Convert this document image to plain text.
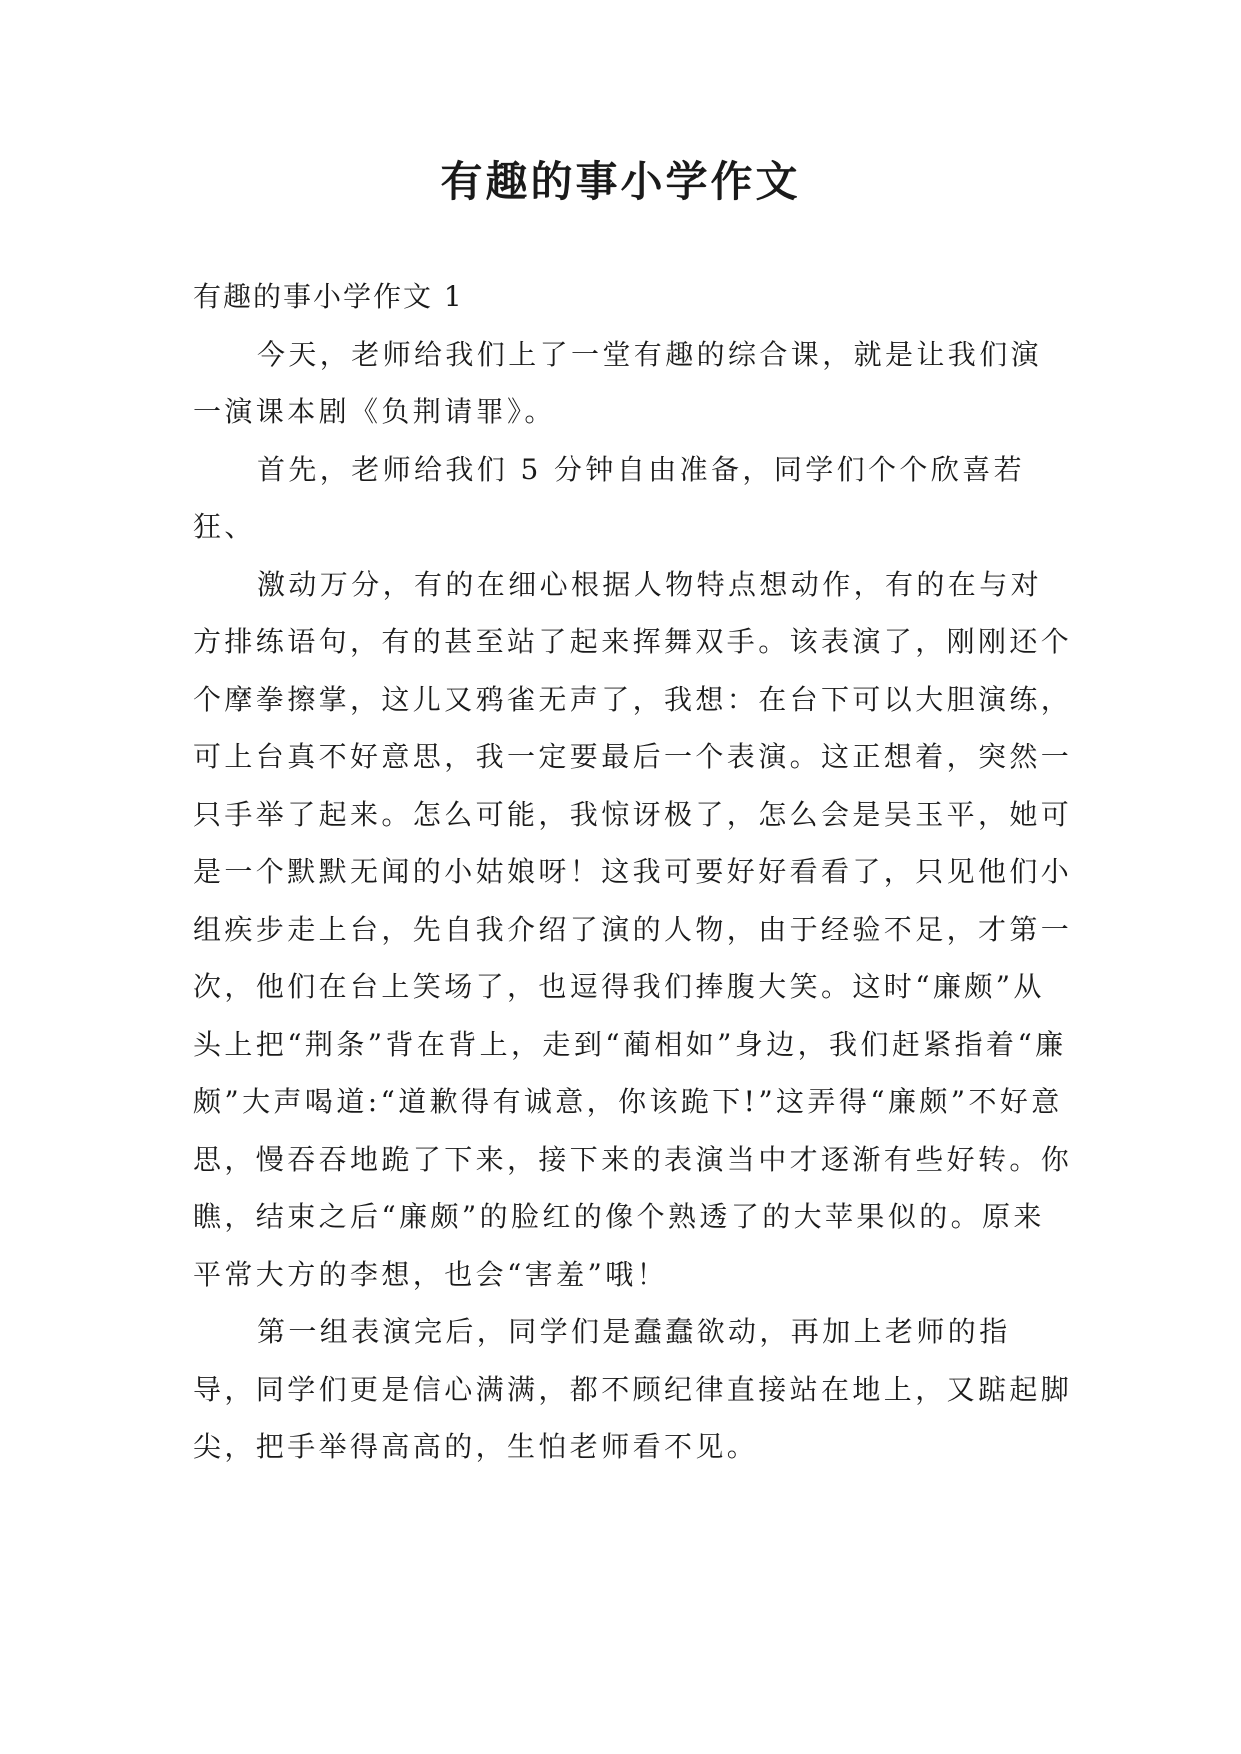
有趣的事小学作文

有趣的事小学作文 1

今天，老师给我们上了一堂有趣的综合课，就是让我们演一演课本剧《负荆请罪》。

首先，老师给我们 5 分钟自由准备，同学们个个欣喜若狂、

激动万分，有的在细心根据人物特点想动作，有的在与对方排练语句，有的甚至站了起来挥舞双手。该表演了，刚刚还个个摩拳擦掌，这儿又鸦雀无声了，我想：在台下可以大胆演练，可上台真不好意思，我一定要最后一个表演。这正想着，突然一只手举了起来。怎么可能，我惊讶极了，怎么会是吴玉平，她可是一个默默无闻的小姑娘呀！这我可要好好看看了，只见他们小组疾步走上台，先自我介绍了演的人物，由于经验不足，才第一次，他们在台上笑场了，也逗得我们捧腹大笑。这时“廉颇”从头上把“荆条”背在背上，走到“蔺相如”身边，我们赶紧指着“廉颇”大声喝道:“道歉得有诚意，你该跪下!”这弄得“廉颇”不好意思，慢吞吞地跪了下来，接下来的表演当中才逐渐有些好转。你瞧，结束之后“廉颇”的脸红的像个熟透了的大苹果似的。原来平常大方的李想，也会“害羞”哦！

第一组表演完后，同学们是蠢蠢欲动，再加上老师的指导，同学们更是信心满满，都不顾纪律直接站在地上，又踮起脚尖，把手举得高高的，生怕老师看不见。
